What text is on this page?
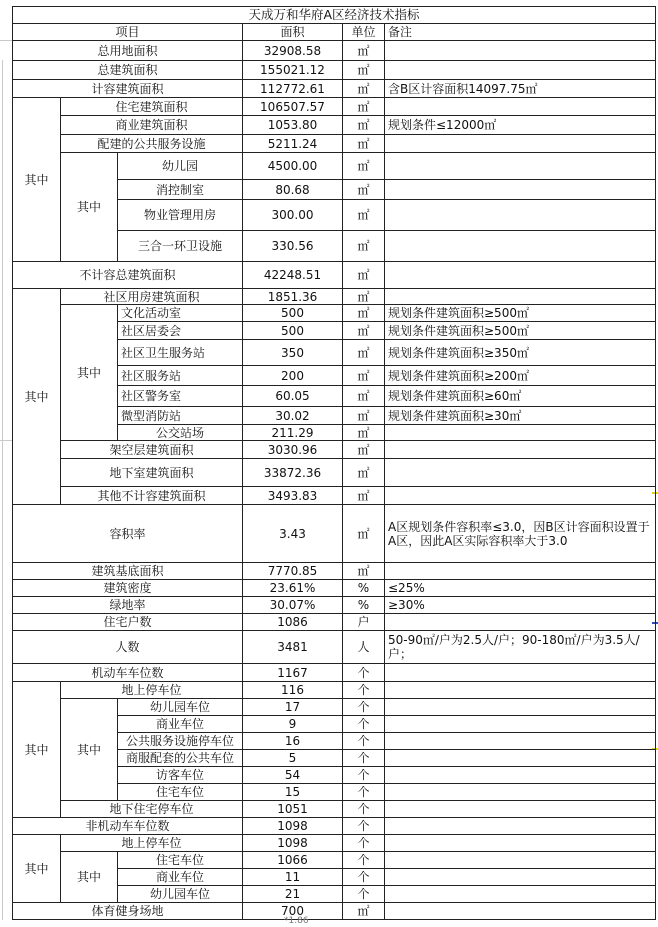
天成万和华府A区经济技术指标					
项目			面积	单位	备注
总用地面积			32908.58	㎡	
总建筑面积			155021.12	㎡	
计容建筑面积			112772.61	㎡	含B区计容面积14097.75㎡
其中	住宅建筑面积		106507.57	㎡	
	商业建筑面积		1053.80	㎡	规划条件≤12000㎡
	配建的公共服务设施		5211.24	㎡	
	其中	幼儿园	4500.00	㎡	
		消控制室	80.68	㎡	
		物业管理用房	300.00	㎡	
		三合一环卫设施	330.56	㎡	
不计容总建筑面积			42248.51	㎡	
其中	社区用房建筑面积		1851.36	㎡	
	其中	文化活动室	500	㎡	规划条件建筑面积≥500㎡
		社区居委会	500	㎡	规划条件建筑面积≥500㎡
		社区卫生服务站	350	㎡	规划条件建筑面积≥350㎡
		社区服务站	200	㎡	规划条件建筑面积≥200㎡
		社区警务室	60.05	㎡	规划条件建筑面积≥60㎡
		微型消防站	30.02	㎡	规划条件建筑面积≥30㎡
		公交站场	211.29	㎡	
	架空层建筑面积		3030.96	㎡	
	地下室建筑面积		33872.36	㎡	
	其他不计容建筑面积		3493.83	㎡	
容积率			3.43	㎡	A区规划条件容积率≤3.0，因B区计容面积设置于A区，因此A区实际容积率大于3.0
建筑基底面积			7770.85	㎡	
建筑密度			23.61%	%	≤25%
绿地率			30.07%	%	≥30%
住宅户数			1086	户	
人数			3481	人	50-90㎡/户为2.5人/户；90-180㎡/户为3.5人/户；
机动车车位数			1167	个	
其中	地上停车位		116	个	
	其中	幼儿园车位	17	个	
		商业车位	9	个	
		公共服务设施停车位	16	个	
		商服配套的公共车位	5	个	
		访客车位	54	个	
		住宅车位	15	个	
	地下住宅停车位		1051	个	
非机动车车位数			1098	个	
其中	地上停车位		1098	个	
	其中	住宅车位	1066	个	
		商业车位	11	个	
		幼儿园车位	21	个	
体育健身场地			700	㎡	
*1.86
